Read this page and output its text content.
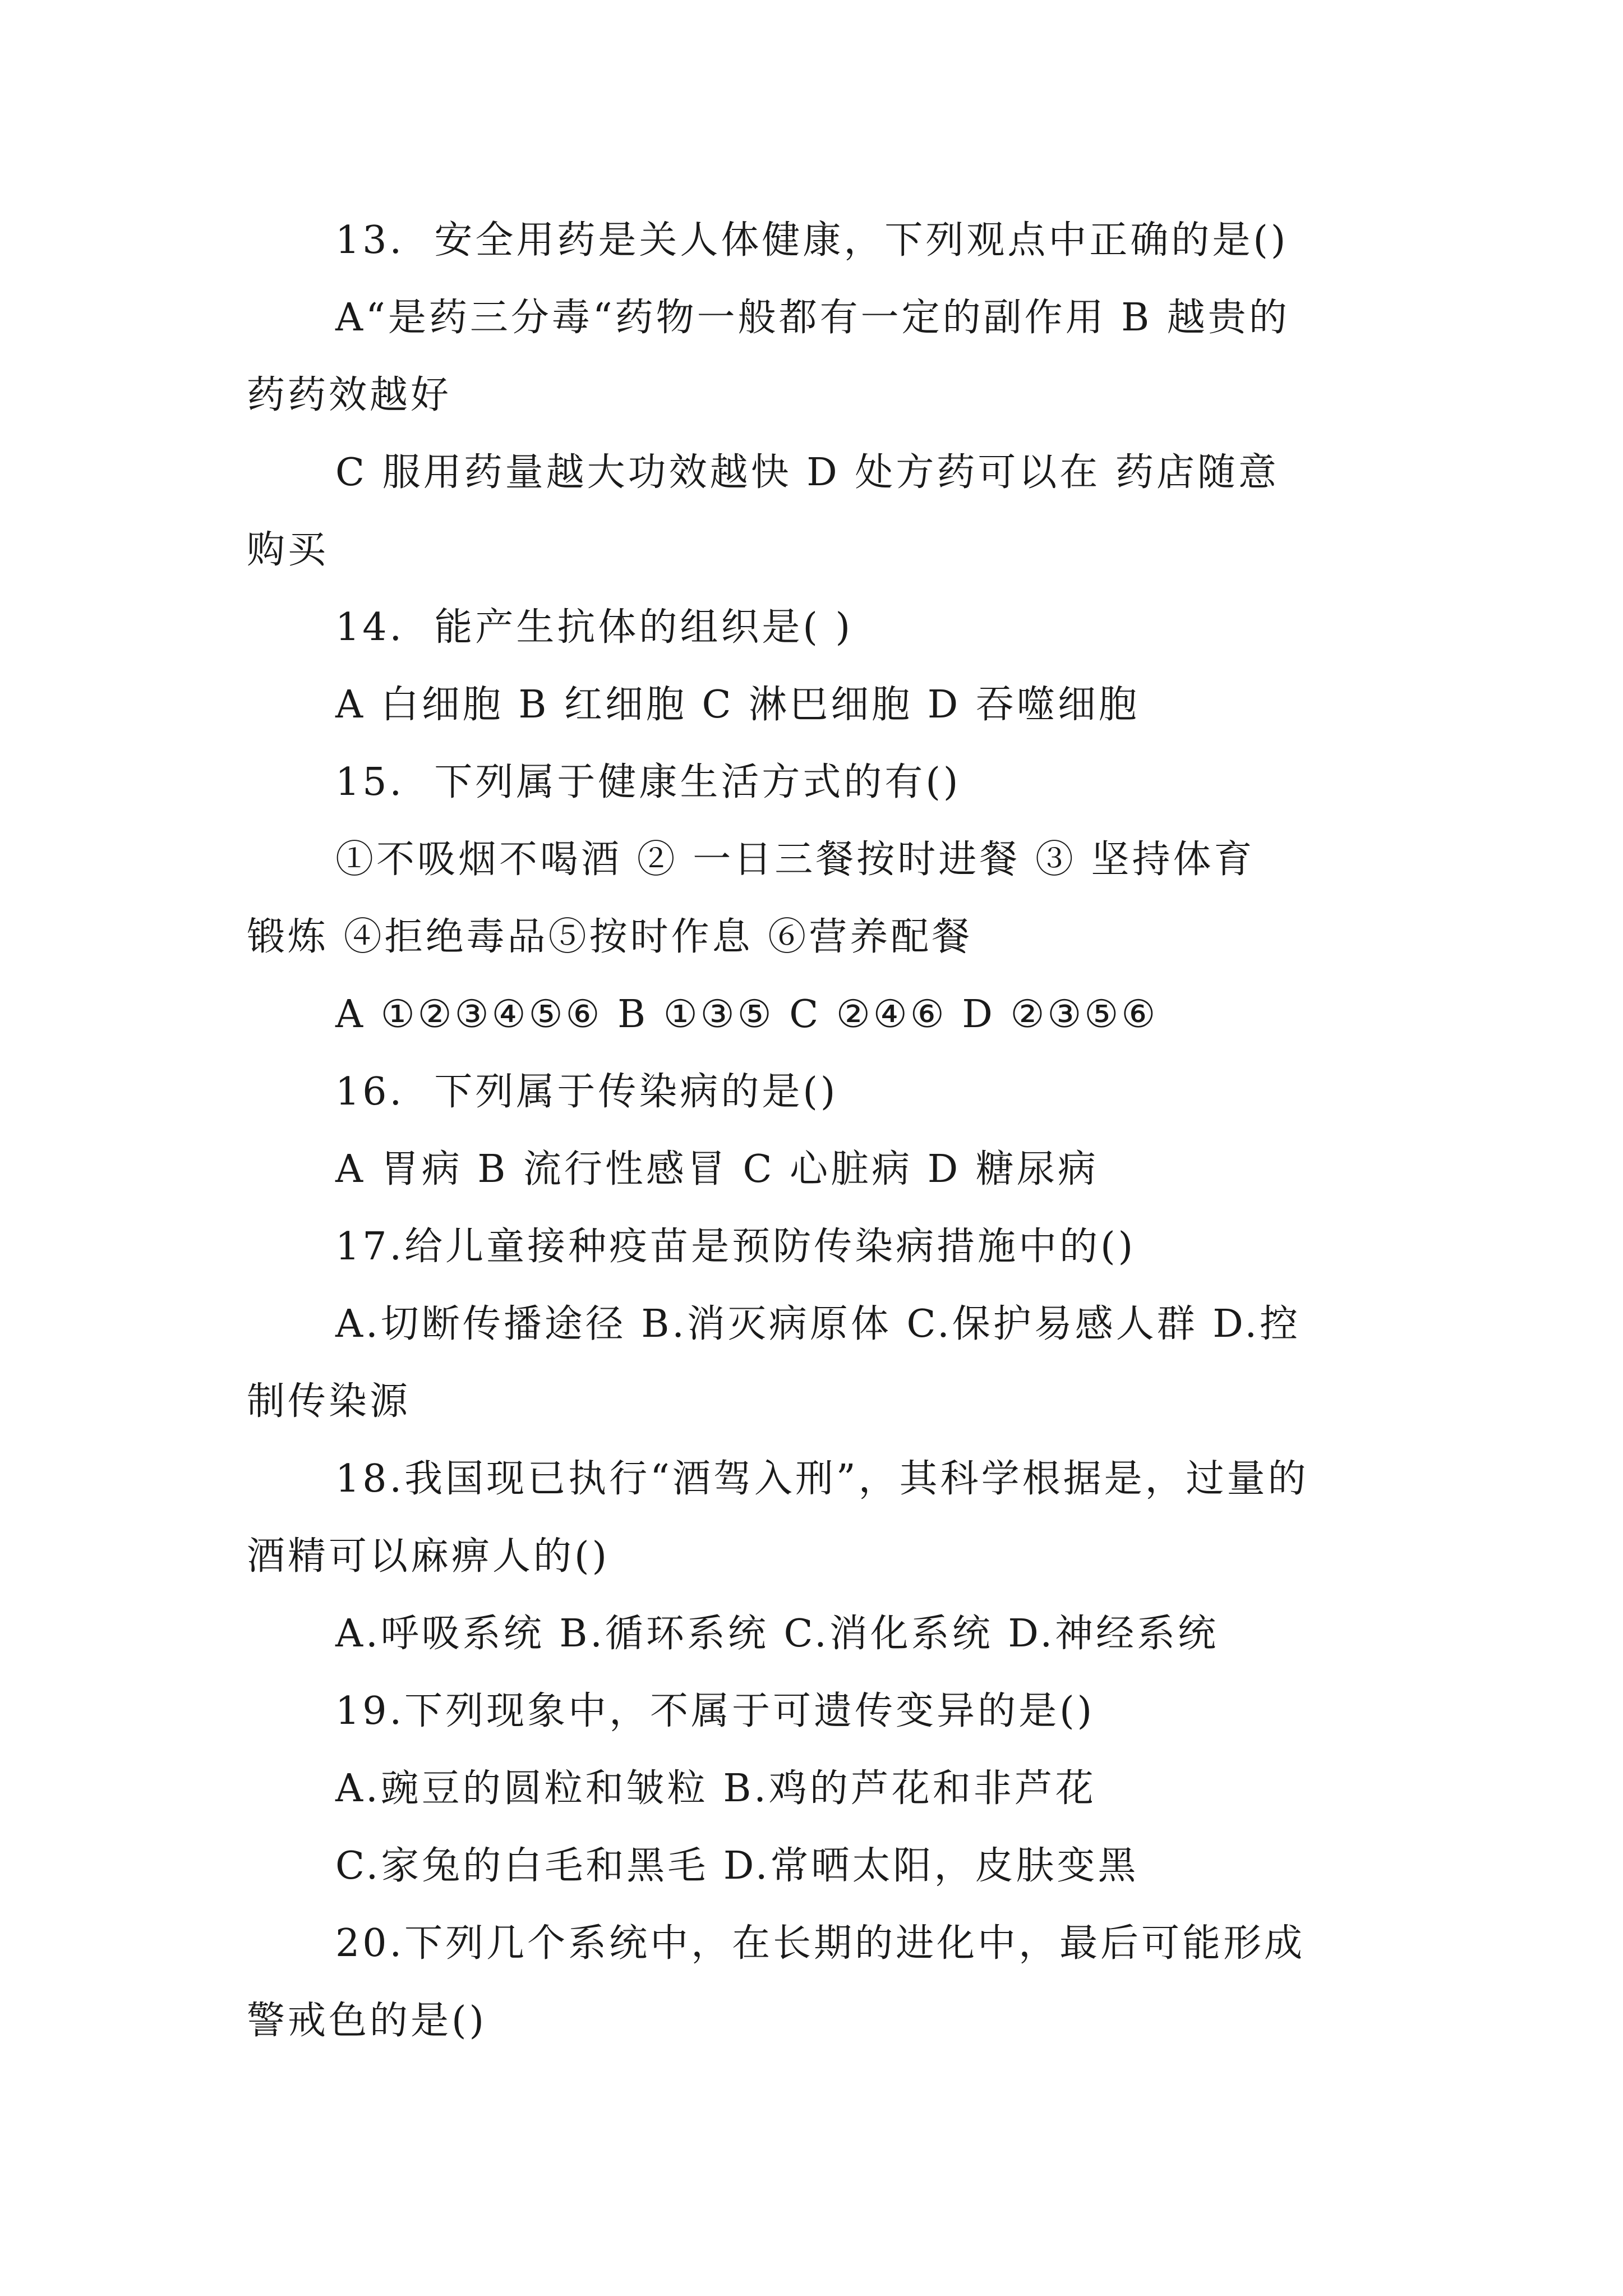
13.  安全用药是关人体健康，下列观点中正确的是()
A“是药三分毒“药物一般都有一定的副作用 B 越贵的
药药效越好
C 服用药量越大功效越快 D 处方药可以在 药店随意
购买
14.  能产生抗体的组织是( )
A 白细胞 B 红细胞 C 淋巴细胞 D 吞噬细胞
15.  下列属于健康生活方式的有()
①不吸烟不喝酒 ② 一日三餐按时进餐 ③ 坚持体育
锻炼 ④拒绝毒品⑤按时作息 ⑥营养配餐
A ①②③④⑤⑥ B ①③⑤ C ②④⑥ D ②③⑤⑥
16.  下列属于传染病的是()
A 胃病 B 流行性感冒 C 心脏病 D 糖尿病
17.给儿童接种疫苗是预防传染病措施中的()
A.切断传播途径 B.消灭病原体 C.保护易感人群 D.控
制传染源
18.我国现已执行“酒驾入刑”，其科学根据是，过量的
酒精可以麻痹人的()
A.呼吸系统 B.循环系统 C.消化系统 D.神经系统
19.下列现象中，不属于可遗传变异的是()
A.豌豆的圆粒和皱粒 B.鸡的芦花和非芦花
C.家兔的白毛和黑毛 D.常晒太阳，皮肤变黑
20.下列几个系统中，在长期的进化中，最后可能形成
警戒色的是()
